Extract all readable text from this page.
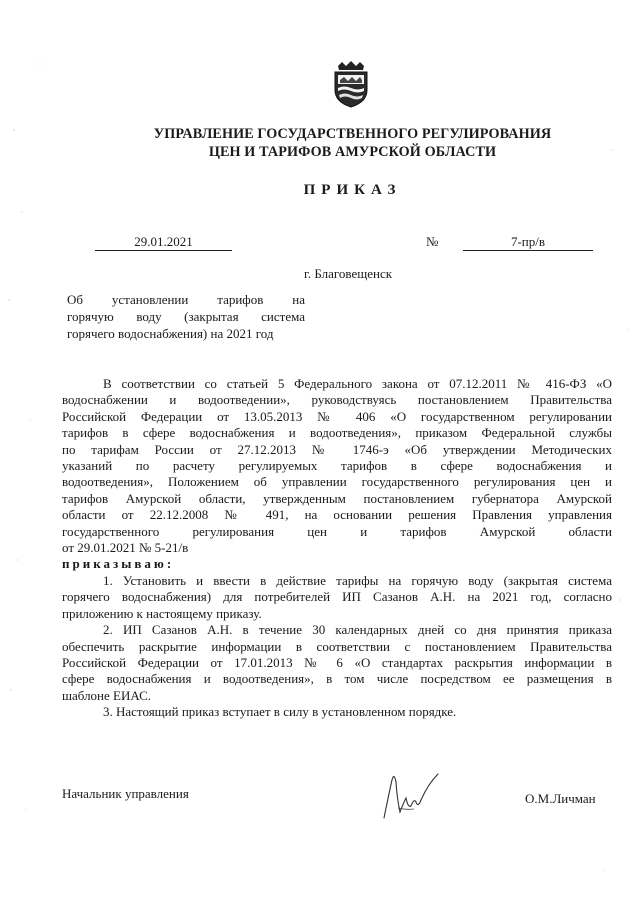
УПРАВЛЕНИЕ ГОСУДАРСТВЕННОГО РЕГУЛИРОВАНИЯ
ЦЕН И ТАРИФОВ АМУРСКОЙ ОБЛАСТИ
ПРИКАЗ
29.01.2021	№	7-пр/в
г. Благовещенск
Об установлении тарифов на
горячую воду (закрытая система
горячего водоснабжения) на 2021 год
В соответствии со статьей 5 Федерального закона от 07.12.2011 № 416-ФЗ «О
водоснабжении и водоотведении», руководствуясь постановлением Правительства
Российской Федерации от 13.05.2013 № 406 «О государственном регулировании
тарифов в сфере водоснабжения и водоотведения», приказом Федеральной службы
по тарифам России от 27.12.2013 № 1746-э «Об утверждении Методических
указаний по расчету регулируемых тарифов в сфере водоснабжения и
водоотведения», Положением об управлении государственного регулирования цен и
тарифов Амурской области, утвержденным постановлением губернатора Амурской
области от 22.12.2008 № 491, на основании решения Правления управления
государственного регулирования цен и тарифов Амурской области
от 29.01.2021 № 5-21/в
приказываю:
1. Установить и ввести в действие тарифы на горячую воду (закрытая система
горячего водоснабжения) для потребителей ИП Сазанов А.Н. на 2021 год, согласно
приложению к настоящему приказу.
2. ИП Сазанов А.Н. в течение 30 календарных дней со дня принятия приказа
обеспечить раскрытие информации в соответствии с постановлением Правительства
Российской Федерации от 17.01.2013 № 6 «О стандартах раскрытия информации в
сфере водоснабжения и водоотведения», в том числе посредством ее размещения в
шаблоне ЕИАС.
3. Настоящий приказ вступает в силу в установленном порядке.
Начальник управления	О.М.Личман
